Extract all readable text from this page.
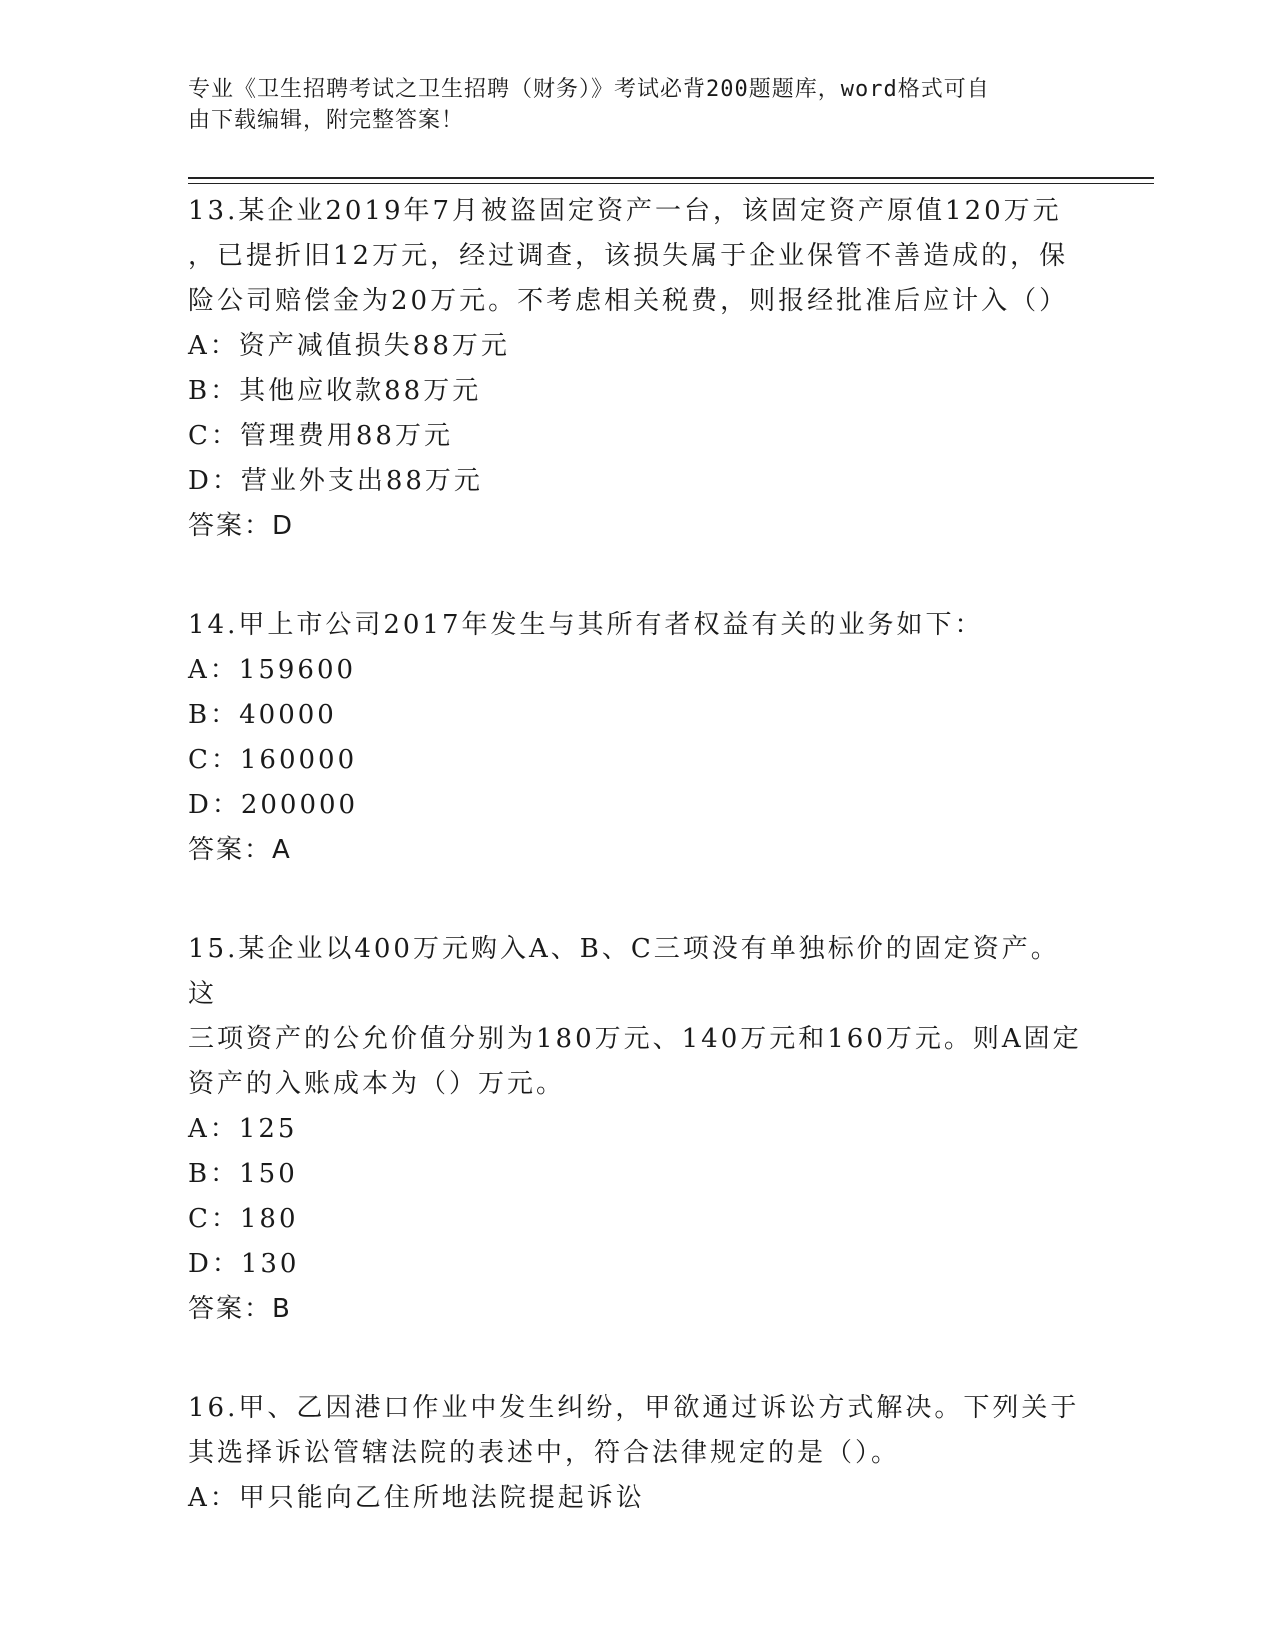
专业《卫生招聘考试之卫生招聘（财务）》考试必背200题题库，word格式可自
由下载编辑，附完整答案！
13.某企业2019年7月被盗固定资产一台，该固定资产原值120万元
，已提折旧12万元，经过调查，该损失属于企业保管不善造成的，保
险公司赔偿金为20万元。不考虑相关税费，则报经批准后应计入（）
A：资产减值损失88万元
B：其他应收款88万元
C：管理费用88万元
D：营业外支出88万元
答案：D
14.甲上市公司2017年发生与其所有者权益有关的业务如下：
A：159600
B：40000
C：160000
D：200000
答案：A
15.某企业以400万元购入A、B、C三项没有单独标价的固定资产。这
三项资产的公允价值分别为180万元、140万元和160万元。则A固定
资产的入账成本为（）万元。
A：125
B：150
C：180
D：130
答案：B
16.甲、乙因港口作业中发生纠纷，甲欲通过诉讼方式解决。下列关于
其选择诉讼管辖法院的表述中，符合法律规定的是（）。
A：甲只能向乙住所地法院提起诉讼
